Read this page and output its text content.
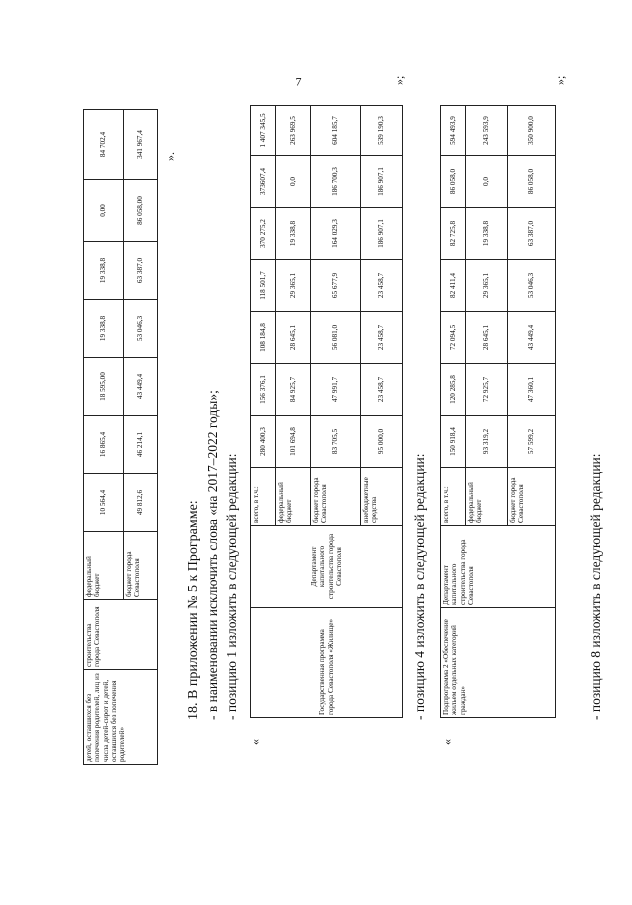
7
детей, оставшихся без попечения родителей, лиц из числа детей-сирот и детей, оставшихся без попечения родителей»	строительства города Севастополя	федеральный бюджет	10 564,4	16 865,4	18 595,00	19 338,8	19 338,8	0,00	84 702,4
		бюджет города Севастополя	49 812,6	46 214,1	43 449,4	53 046,3	63 387,0	86 058,00	341 967,4 ».
18. В приложении № 5 к Программе: - в наименовании исключить слова «на 2017–2022 годы»; - позицию 1 изложить в следующей редакции:
«
Государственная программа города Севастополя «Жилище»	Департамент капитального строительства города Севастополя	всего, в т.ч.:	280 400,3	156 376,1	108 184,8	118 501,7	370 275,2	373607,4	1 407 345,5
		федеральный бюджет	101 694,8	84 925,7	28 645,1	29 365,1	19 338,8	0,0	263 969,5
		бюджет города Севастополя	83 705,5	47 991,7	56 081,0	65 677,9	164 029,3	186 700,3	604 185,7
		внебюджетные средства	95 000,0	23 458,7	23 458,7	23 458,7	186 907,1	186 907,1	539 190,3
»;
- позицию 4 изложить в следующей редакции:
«
Подпрограмма 2 «Обеспечение жильем отдельных категорий граждан»	Департамент капитального строительства города Севастополя	всего, в т.ч.:	150 918,4	120 285,8	72 094,5	82 411,4	82 725,8	86 058,0	594 493,9
		федеральный бюджет	93 319,2	72 925,7	28 645,1	29 365,1	19 338,8	0,0	243 593,9
		бюджет города Севастополя	57 599,2	47 360,1	43 449,4	53 046,3	63 387,0	86 058,0	350 900,0
»;
- позицию 8 изложить в следующей редакции:
